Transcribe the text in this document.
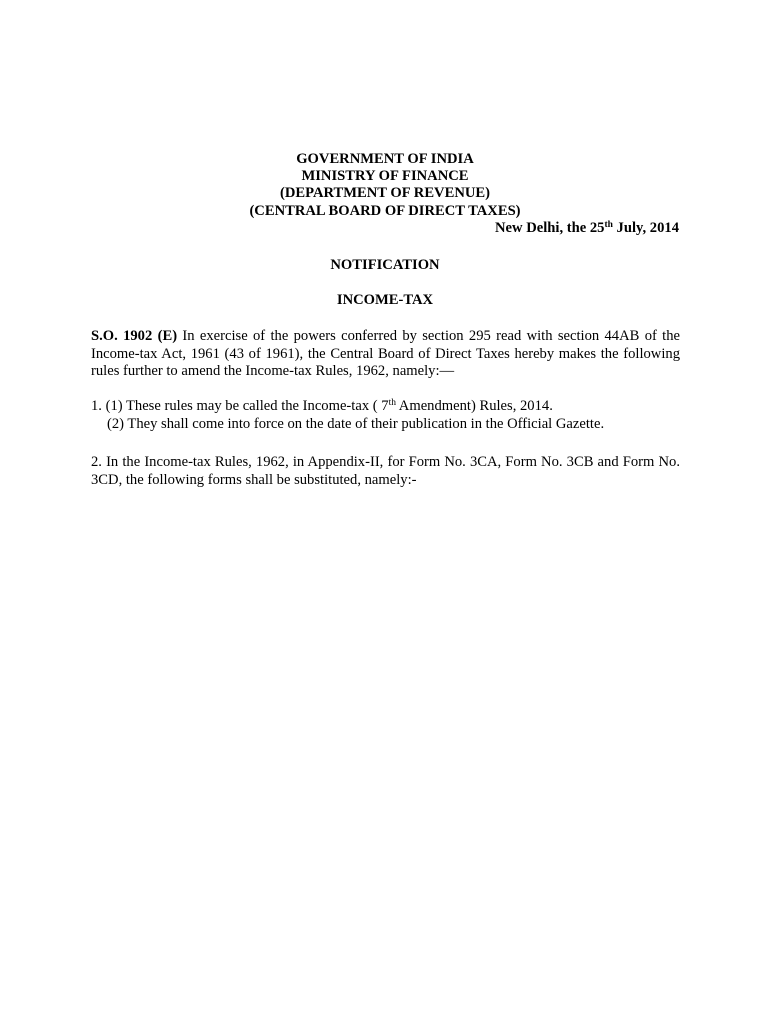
GOVERNMENT OF INDIA
MINISTRY OF FINANCE
(DEPARTMENT OF REVENUE)
(CENTRAL BOARD OF DIRECT TAXES)
New Delhi, the 25th July, 2014
NOTIFICATION
INCOME-TAX
S.O. 1902 (E) In exercise of the powers conferred by section 295 read with section 44AB of the Income-tax Act, 1961 (43 of 1961), the Central Board of Direct Taxes hereby makes the following rules further to amend the Income-tax Rules, 1962, namely:—
1. (1) These rules may be called the Income-tax ( 7th Amendment) Rules, 2014.
(2) They shall come into force on the date of their publication in the Official Gazette.
2. In the Income-tax Rules, 1962, in Appendix-II, for Form No. 3CA, Form No. 3CB and Form No. 3CD, the following forms shall be substituted, namely:-
